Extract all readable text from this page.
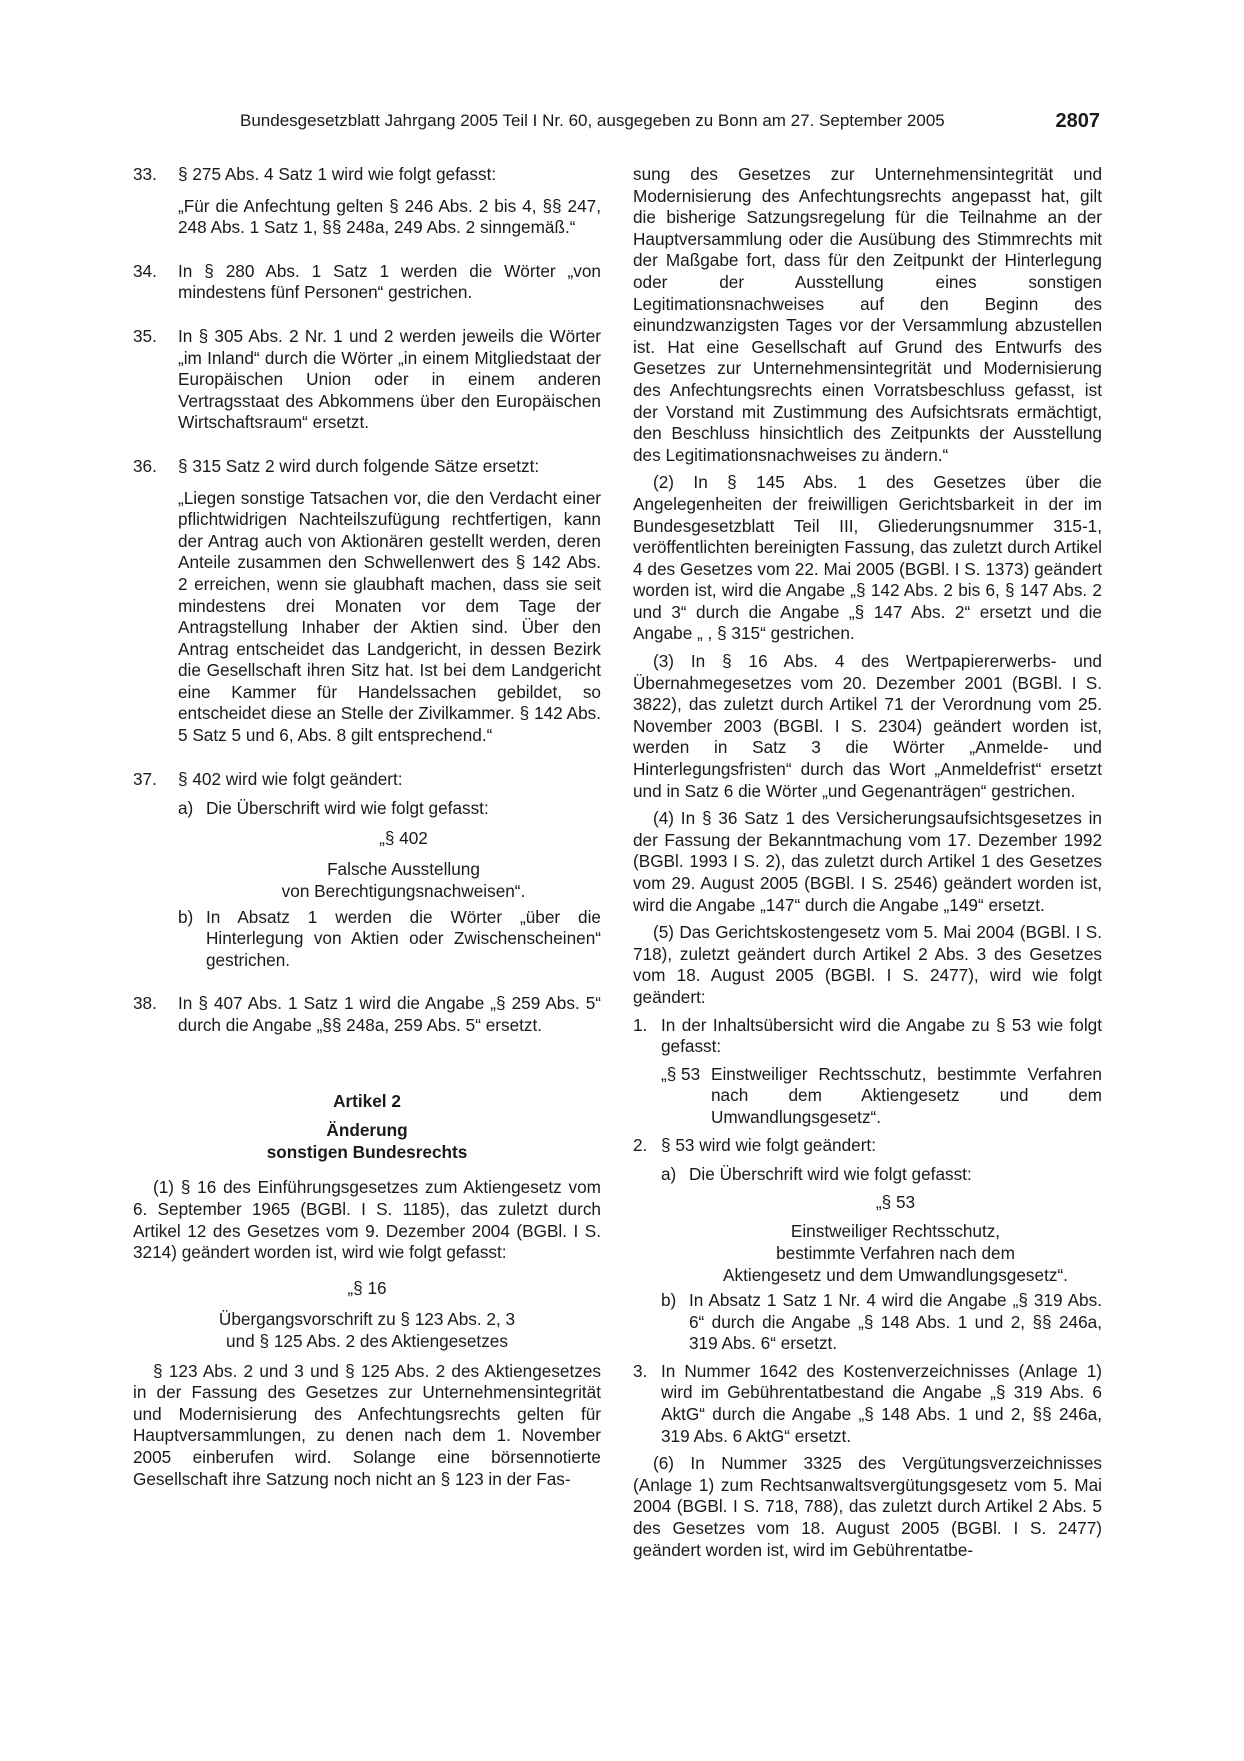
Bundesgesetzblatt Jahrgang 2005 Teil I Nr. 60, ausgegeben zu Bonn am 27. September 2005	2807
33.	§ 275 Abs. 4 Satz 1 wird wie folgt gefasst:

„Für die Anfechtung gelten § 246 Abs. 2 bis 4, §§ 247, 248 Abs. 1 Satz 1, §§ 248a, 249 Abs. 2 sinngemäß.“

34.	In § 280 Abs. 1 Satz 1 werden die Wörter „von mindestens fünf Personen“ gestrichen.

35.	In § 305 Abs. 2 Nr. 1 und 2 werden jeweils die Wörter „im Inland“ durch die Wörter „in einem Mitgliedstaat der Europäischen Union oder in einem anderen Vertragsstaat des Abkommens über den Europäischen Wirtschaftsraum“ ersetzt.

36.	§ 315 Satz 2 wird durch folgende Sätze ersetzt:

„Liegen sonstige Tatsachen vor, die den Verdacht einer pflichtwidrigen Nachteilszufügung rechtfertigen, kann der Antrag auch von Aktionären gestellt werden, deren Anteile zusammen den Schwellenwert des § 142 Abs. 2 erreichen, wenn sie glaubhaft machen, dass sie seit mindestens drei Monaten vor dem Tage der Antragstellung Inhaber der Aktien sind. Über den Antrag entscheidet das Landgericht, in dessen Bezirk die Gesellschaft ihren Sitz hat. Ist bei dem Landgericht eine Kammer für Handelssachen gebildet, so entscheidet diese an Stelle der Zivilkammer. § 142 Abs. 5 Satz 5 und 6, Abs. 8 gilt entsprechend.“

37.	§ 402 wird wie folgt geändert:

a) Die Überschrift wird wie folgt gefasst:

„§ 402

Falsche Ausstellung

von Berechtigungsnachweisen“.

b) In Absatz 1 werden die Wörter „über die Hinterlegung von Aktien oder Zwischenscheinen“ gestrichen.

38.	In § 407 Abs. 1 Satz 1 wird die Angabe „§ 259 Abs. 5“ durch die Angabe „§§ 248a, 259 Abs. 5“ ersetzt.

Artikel 2

Änderung

sonstigen Bundesrechts

(1) § 16 des Einführungsgesetzes zum Aktiengesetz vom 6. September 1965 (BGBl. I S. 1185), das zuletzt durch Artikel 12 des Gesetzes vom 9. Dezember 2004 (BGBl. I S. 3214) geändert worden ist, wird wie folgt gefasst:

„§ 16

Übergangsvorschrift zu § 123 Abs. 2, 3

und § 125 Abs. 2 des Aktiengesetzes

§ 123 Abs. 2 und 3 und § 125 Abs. 2 des Aktiengesetzes in der Fassung des Gesetzes zur Unternehmensintegrität und Modernisierung des Anfechtungsrechts gelten für Hauptversammlungen, zu denen nach dem 1. November 2005 einberufen wird. Solange eine börsennotierte Gesellschaft ihre Satzung noch nicht an § 123 in der Fas-

sung des Gesetzes zur Unternehmensintegrität und Modernisierung des Anfechtungsrechts angepasst hat, gilt die bisherige Satzungsregelung für die Teilnahme an der Hauptversammlung oder die Ausübung des Stimmrechts mit der Maßgabe fort, dass für den Zeitpunkt der Hinterlegung oder der Ausstellung eines sonstigen Legitimationsnachweises auf den Beginn des einundzwanzigsten Tages vor der Versammlung abzustellen ist. Hat eine Gesellschaft auf Grund des Entwurfs des Gesetzes zur Unternehmensintegrität und Modernisierung des Anfechtungsrechts einen Vorratsbeschluss gefasst, ist der Vorstand mit Zustimmung des Aufsichtsrats ermächtigt, den Beschluss hinsichtlich des Zeitpunkts der Ausstellung des Legitimationsnachweises zu ändern.“

(2) In § 145 Abs. 1 des Gesetzes über die Angelegenheiten der freiwilligen Gerichtsbarkeit in der im Bundesgesetzblatt Teil III, Gliederungsnummer 315-1, veröffentlichten bereinigten Fassung, das zuletzt durch Artikel 4 des Gesetzes vom 22. Mai 2005 (BGBl. I S. 1373) geändert worden ist, wird die Angabe „§ 142 Abs. 2 bis 6, § 147 Abs. 2 und 3“ durch die Angabe „§ 147 Abs. 2“ ersetzt und die Angabe „ , § 315“ gestrichen.

(3) In § 16 Abs. 4 des Wertpapiererwerbs- und Übernahmegesetzes vom 20. Dezember 2001 (BGBl. I S. 3822), das zuletzt durch Artikel 71 der Verordnung vom 25. November 2003 (BGBl. I S. 2304) geändert worden ist, werden in Satz 3 die Wörter „Anmelde- und Hinterlegungsfristen“ durch das Wort „Anmeldefrist“ ersetzt und in Satz 6 die Wörter „und Gegenanträgen“ gestrichen.

(4) In § 36 Satz 1 des Versicherungsaufsichtsgesetzes in der Fassung der Bekanntmachung vom 17. Dezember 1992 (BGBl. 1993 I S. 2), das zuletzt durch Artikel 1 des Gesetzes vom 29. August 2005 (BGBl. I S. 2546) geändert worden ist, wird die Angabe „147“ durch die Angabe „149“ ersetzt.

(5) Das Gerichtskostengesetz vom 5. Mai 2004 (BGBl. I S. 718), zuletzt geändert durch Artikel 2 Abs. 3 des Gesetzes vom 18. August 2005 (BGBl. I S. 2477), wird wie folgt geändert:

1. In der Inhaltsübersicht wird die Angabe zu § 53 wie folgt gefasst:

„§ 53 Einstweiliger Rechtsschutz, bestimmte Verfahren nach dem Aktiengesetz und dem Umwandlungsgesetz“.

2. § 53 wird wie folgt geändert:

a) Die Überschrift wird wie folgt gefasst:

„§ 53

Einstweiliger Rechtsschutz,

bestimmte Verfahren nach dem

Aktiengesetz und dem Umwandlungsgesetz“.

b) In Absatz 1 Satz 1 Nr. 4 wird die Angabe „§ 319 Abs. 6“ durch die Angabe „§ 148 Abs. 1 und 2, §§ 246a, 319 Abs. 6“ ersetzt.

3. In Nummer 1642 des Kostenverzeichnisses (Anlage 1) wird im Gebührentatbestand die Angabe „§ 319 Abs. 6 AktG“ durch die Angabe „§ 148 Abs. 1 und 2, §§ 246a, 319 Abs. 6 AktG“ ersetzt.

(6) In Nummer 3325 des Vergütungsverzeichnisses (Anlage 1) zum Rechtsanwaltsvergütungsgesetz vom 5. Mai 2004 (BGBl. I S. 718, 788), das zuletzt durch Artikel 2 Abs. 5 des Gesetzes vom 18. August 2005 (BGBl. I S. 2477) geändert worden ist, wird im Gebührentatbe-
